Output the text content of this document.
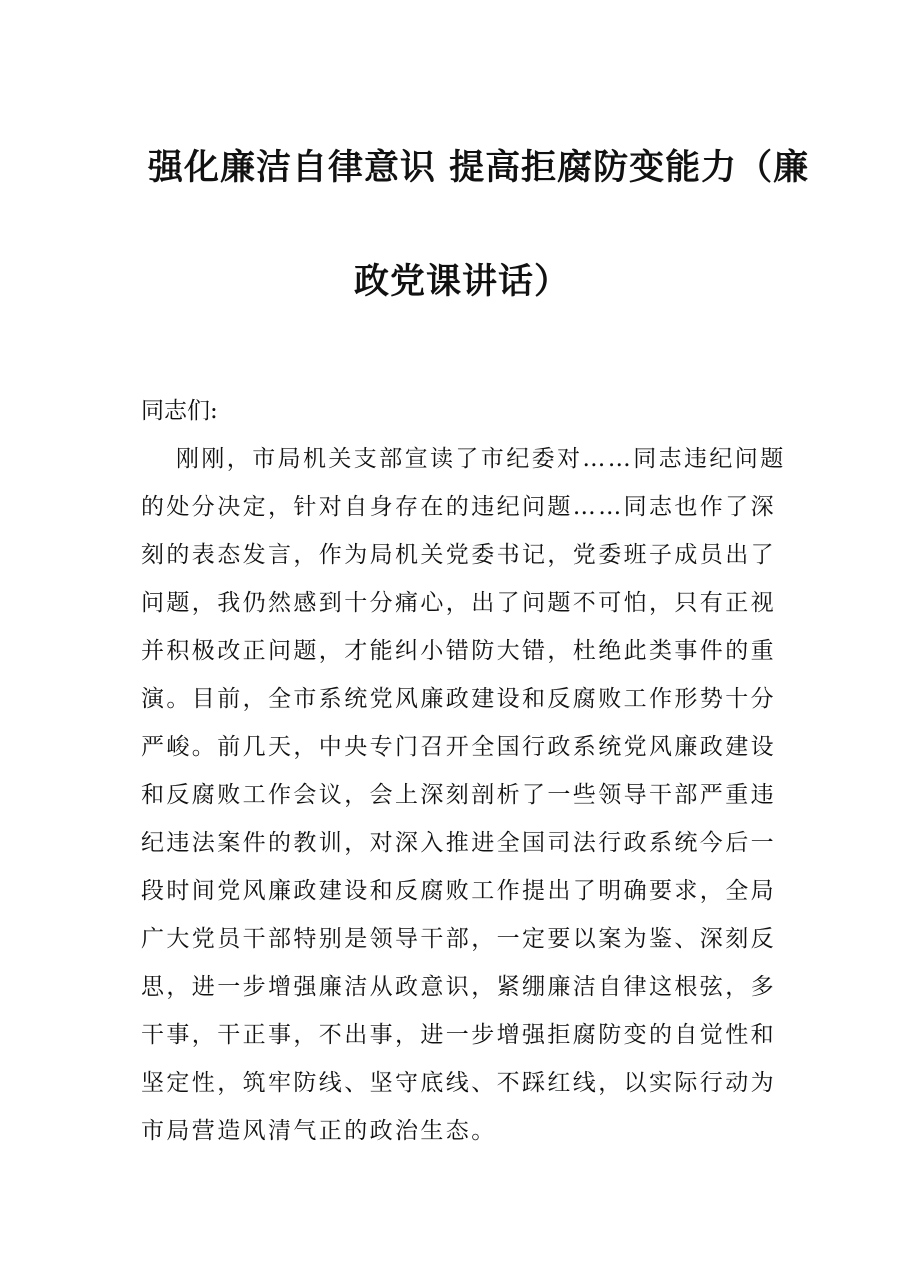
强化廉洁自律意识 提高拒腐防变能力（廉
政党课讲话）
同志们:
刚刚，市局机关支部宣读了市纪委对……同志违纪问题
的处分决定，针对自身存在的违纪问题……同志也作了深
刻的表态发言，作为局机关党委书记，党委班子成员出了
问题，我仍然感到十分痛心，出了问题不可怕，只有正视
并积极改正问题，才能纠小错防大错，杜绝此类事件的重
演。目前，全市系统党风廉政建设和反腐败工作形势十分
严峻。前几天，中央专门召开全国行政系统党风廉政建设
和反腐败工作会议，会上深刻剖析了一些领导干部严重违
纪违法案件的教训，对深入推进全国司法行政系统今后一
段时间党风廉政建设和反腐败工作提出了明确要求，全局
广大党员干部特别是领导干部，一定要以案为鉴、深刻反
思，进一步增强廉洁从政意识，紧绷廉洁自律这根弦，多
干事，干正事，不出事，进一步增强拒腐防变的自觉性和
坚定性，筑牢防线、坚守底线、不踩红线，以实际行动为
市局营造风清气正的政治生态。
